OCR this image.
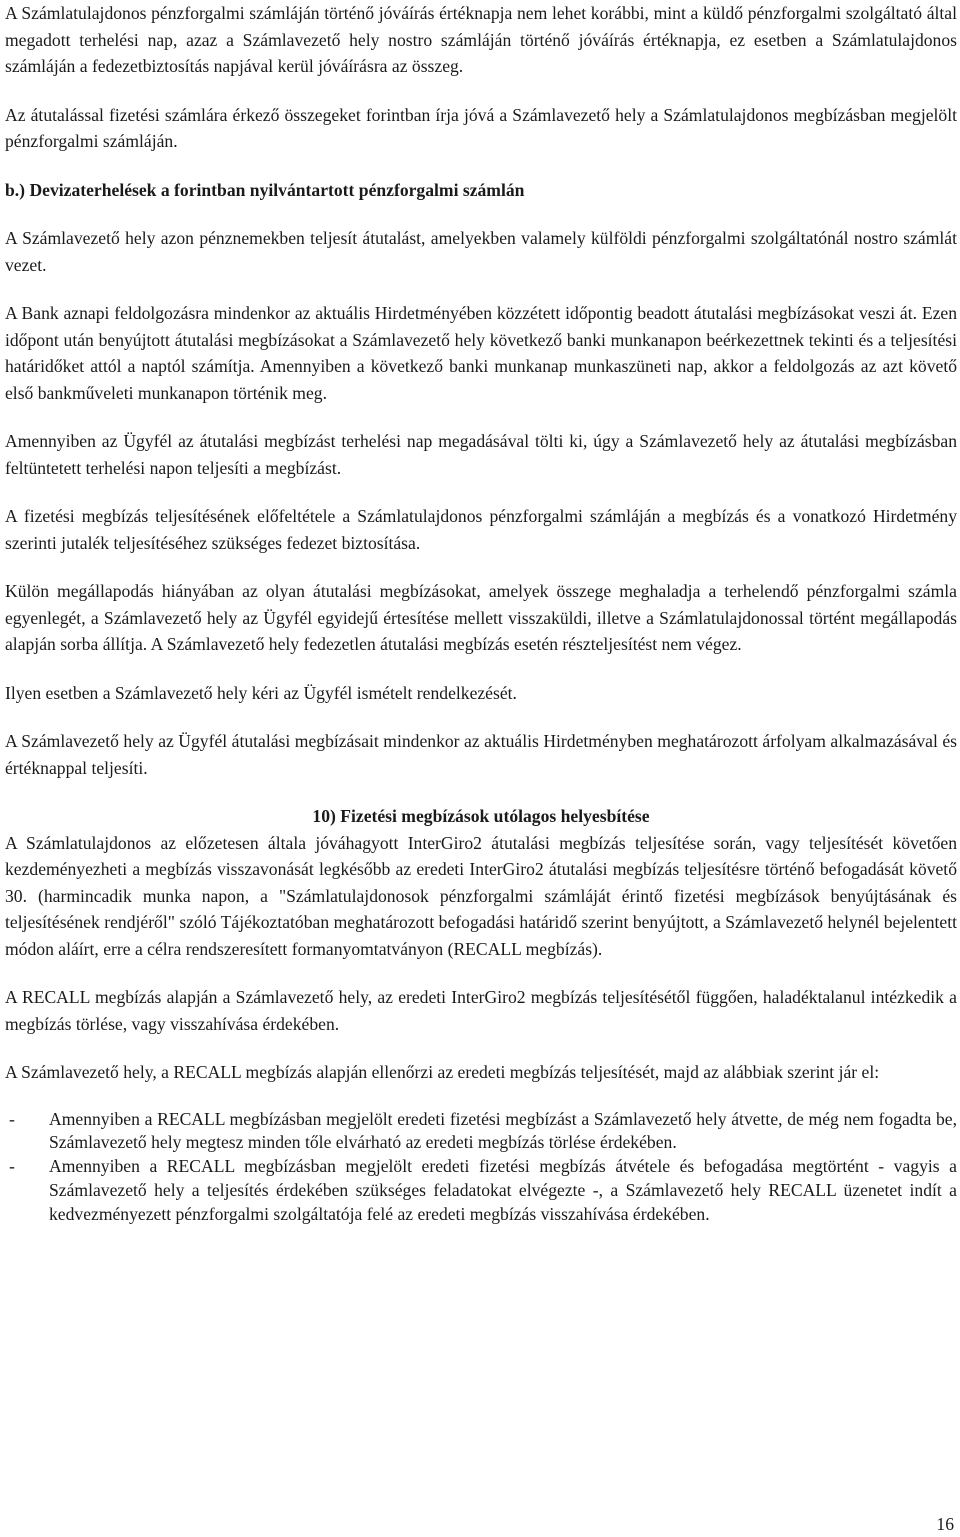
A Számlatulajdonos pénzforgalmi számláján történő jóváírás értéknapja nem lehet korábbi, mint a küldő pénzforgalmi szolgáltató által megadott terhelési nap, azaz a Számlavezető hely nostro számláján történő jóváírás értéknapja, ez esetben a Számlatulajdonos számláján a fedezetbiztosítás napjával kerül jóváírásra az összeg.

Az átutalással fizetési számlára érkező összegeket forintban írja jóvá a Számlavezető hely a Számlatulajdonos megbízásban megjelölt pénzforgalmi számláján.

b.) Devizaterhelések a forintban nyilvántartott pénzforgalmi számlán

A Számlavezető hely azon pénznemekben teljesít átutalást, amelyekben valamely külföldi pénzforgalmi szolgáltatónál nostro számlát vezet.

A Bank aznapi feldolgozásra mindenkor az aktuális Hirdetményében közzétett időpontig beadott átutalási megbízásokat veszi át. Ezen időpont után benyújtott átutalási megbízásokat a Számlavezető hely következő banki munkanapon beérkezettnek tekinti és a teljesítési határidőket attól a naptól számítja. Amennyiben a következő banki munkanap munkaszüneti nap, akkor a feldolgozás az azt követő első bankműveleti munkanapon történik meg.

Amennyiben az Ügyfél az átutalási megbízást terhelési nap megadásával tölti ki, úgy a Számlavezető hely az átutalási megbízásban feltüntetett terhelési napon teljesíti a megbízást.

A fizetési megbízás teljesítésének előfeltétele a Számlatulajdonos pénzforgalmi számláján a megbízás és a vonatkozó Hirdetmény szerinti jutalék teljesítéséhez szükséges fedezet biztosítása.

Külön megállapodás hiányában az olyan átutalási megbízásokat, amelyek összege meghaladja a terhelendő pénzforgalmi számla egyenlegét, a Számlavezető hely az Ügyfél egyidejű értesítése mellett visszaküldi, illetve a Számlatulajdonossal történt megállapodás alapján sorba állítja. A Számlavezető hely fedezetlen átutalási megbízás esetén részteljesítést nem végez.

Ilyen esetben a Számlavezető hely kéri az Ügyfél ismételt rendelkezését.

A Számlavezető hely az Ügyfél átutalási megbízásait mindenkor az aktuális Hirdetményben meghatározott árfolyam alkalmazásával és értéknappal teljesíti.

10) Fizetési megbízások utólagos helyesbítése

A Számlatulajdonos az előzetesen általa jóváhagyott InterGiro2 átutalási megbízás teljesítése során, vagy teljesítését követően kezdeményezheti a megbízás visszavonását legkésőbb az eredeti InterGiro2 átutalási megbízás teljesítésre történő befogadását követő 30. (harmincadik munka napon, a "Számlatulajdonosok pénzforgalmi számláját érintő fizetési megbízások benyújtásának és teljesítésének rendjéről" szóló Tájékoztatóban meghatározott befogadási határidő szerint benyújtott, a Számlavezető helynél bejelentett módon aláírt, erre a célra rendszeresített formanyomtatványon (RECALL megbízás).

A RECALL megbízás alapján a Számlavezető hely, az eredeti InterGiro2 megbízás teljesítésétől függően, haladéktalanul intézkedik a megbízás törlése, vagy visszahívása érdekében.

A Számlavezető hely, a RECALL megbízás alapján ellenőrzi az eredeti megbízás teljesítését, majd az alábbiak szerint jár el:

- Amennyiben a RECALL megbízásban megjelölt eredeti fizetési megbízást a Számlavezető hely átvette, de még nem fogadta be, Számlavezető hely megtesz minden tőle elvárható az eredeti megbízás törlése érdekében.
- Amennyiben a RECALL megbízásban megjelölt eredeti fizetési megbízás átvétele és befogadása megtörtént - vagyis a Számlavezető hely a teljesítés érdekében szükséges feladatokat elvégezte -, a Számlavezető hely RECALL üzenetet indít a kedvezményezett pénzforgalmi szolgáltatója felé az eredeti megbízás visszahívása érdekében.
16
